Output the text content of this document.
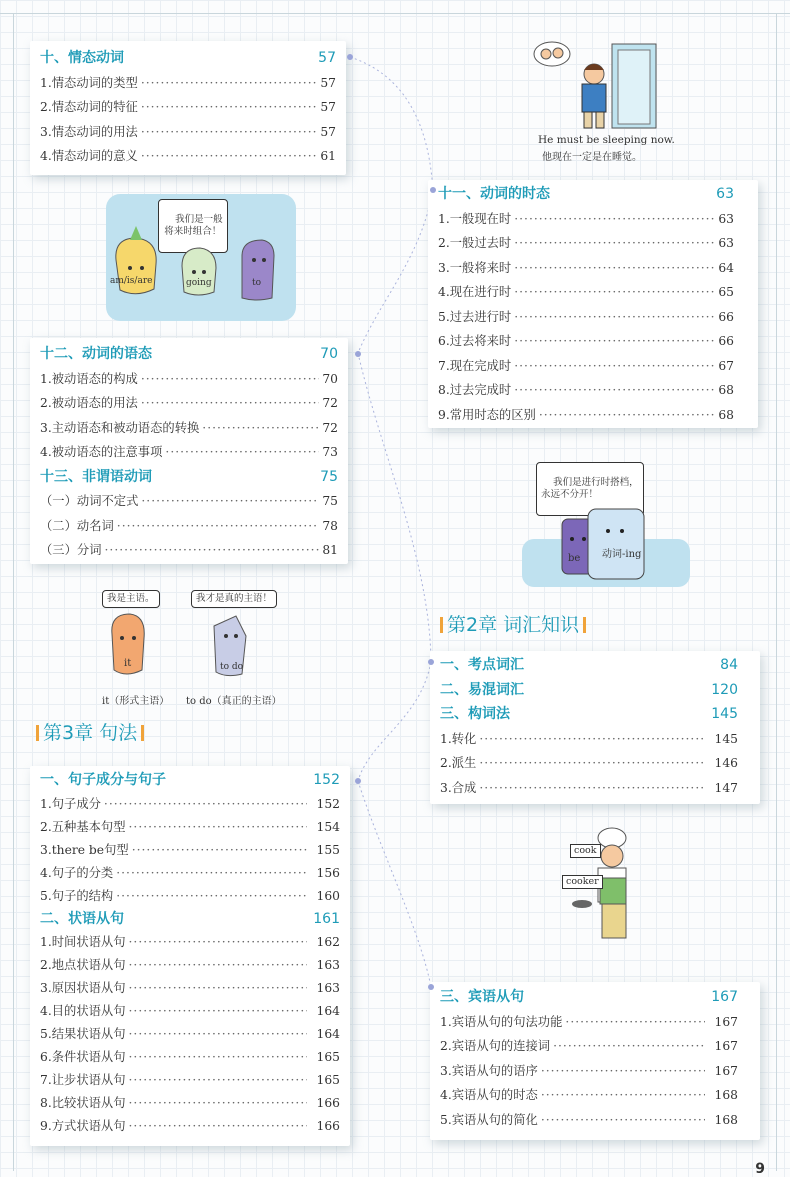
十、情态动词	57
1.情态动词的类型 ·····	57
2.情态动词的特征 ·····	57
3.情态动词的用法 ·····	57
4.情态动词的意义 ·····	61
He must be sleeping now.
他现在一定是在睡觉。

我们是一般
将来时组合！

am/is/are	going	to
十一、动词的时态	63
1.一般现在时 ·····	63
2.一般过去时 ·····	63
3.一般将来时 ·····	64
4.现在进行时 ·····	65
5.过去进行时 ·····	66
6.过去将来时 ·····	66
7.现在完成时 ·····	67
8.过去完成时 ·····	68
9.常用时态的区别 ·····	68
十二、动词的语态	70
1.被动语态的构成 ·····	70
2.被动语态的用法 ·····	72
3.主动语态和被动语态的转换 ·····	72
4.被动语态的注意事项 ·····	73
十三、非谓语动词	75
（一）动词不定式 ·····	75
（二）动名词 ·····	78
（三）分词 ·····	81

我们是进行时搭档，
永远不分开！

be 动词-ing
第2章 词汇知识
我是主语。	我才是真的主语！
it	to do
it（形式主语） to do（真正的主语）
一、考点词汇	84
二、易混词汇	120
三、构词法	145
1.转化 ·····	145
2.派生 ·····	146
3.合成 ·····	147
第3章 句法
一、句子成分与句子	152
1.句子成分 ·····	152
2.五种基本句型 ·····	154
3.there be句型 ·····	155
4.句子的分类 ·····	156
5.句子的结构 ·····	160
二、状语从句	161
1.时间状语从句 ·····	162
2.地点状语从句 ·····	163
3.原因状语从句 ·····	163
4.目的状语从句 ·····	164
5.结果状语从句 ·····	164
6.条件状语从句 ·····	165
7.让步状语从句 ·····	165
8.比较状语从句 ·····	166
9.方式状语从句 ·····	166
cook
cooker
三、宾语从句	167
1.宾语从句的句法功能 ·····	167
2.宾语从句的连接词 ·····	167
3.宾语从句的语序 ·····	167
4.宾语从句的时态 ·····	168
5.宾语从句的简化 ·····	168
9
